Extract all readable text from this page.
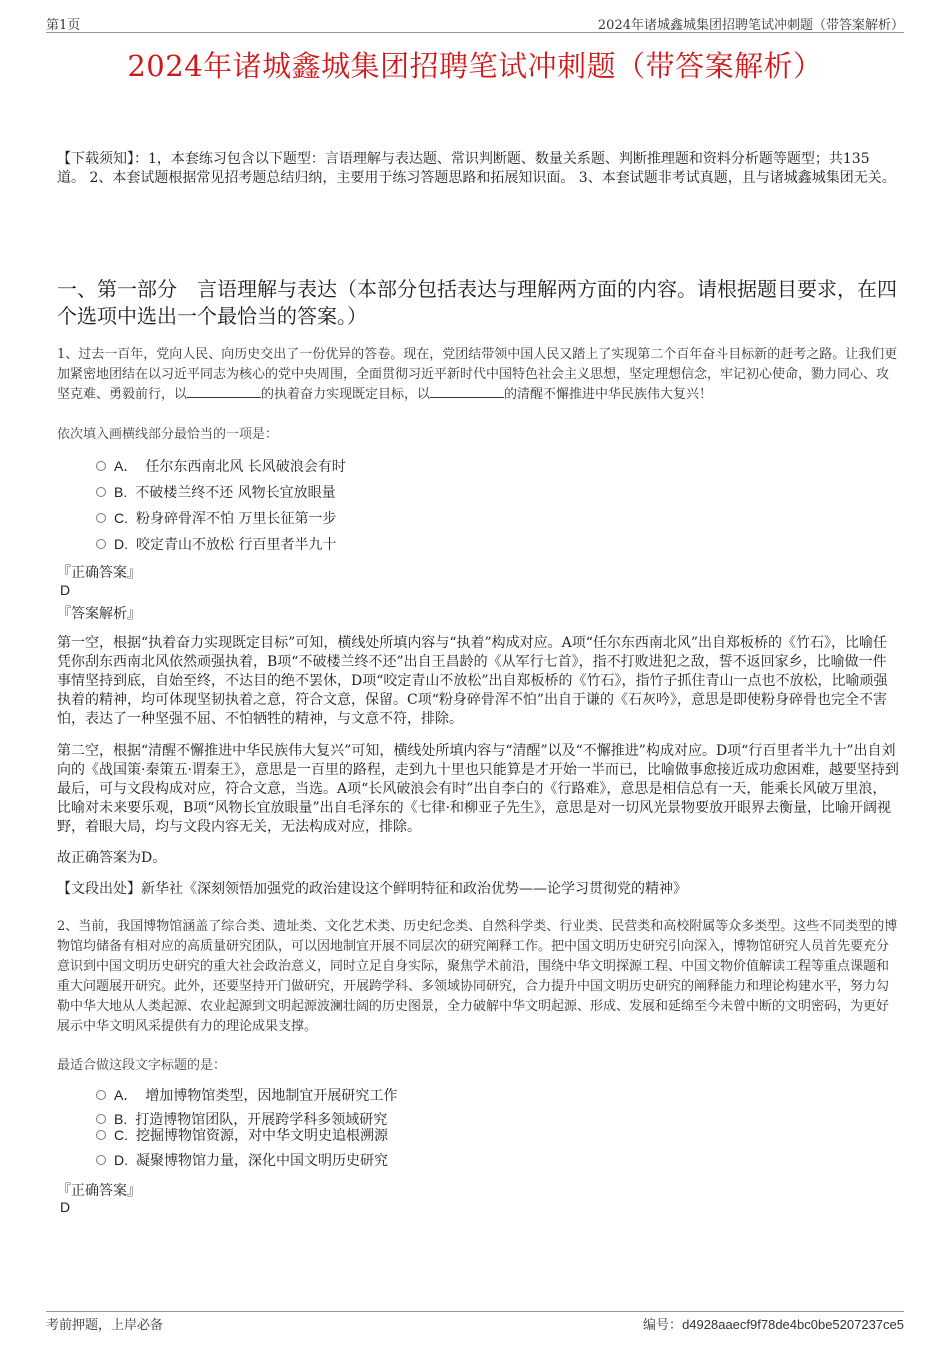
第1页	2024年诸城鑫城集团招聘笔试冲刺题（带答案解析）
2024年诸城鑫城集团招聘笔试冲刺题（带答案解析）
【下载须知】：1，本套练习包含以下题型：言语理解与表达题、常识判断题、数量关系题、判断推理题和资料分析题等题型；共135道。 2、本套试题根据常见招考题总结归纳，主要用于练习答题思路和拓展知识面。 3、本套试题非考试真题，且与诸城鑫城集团无关。
一、第一部分　言语理解与表达（本部分包括表达与理解两方面的内容。请根据题目要求，在四个选项中选出一个最恰当的答案。）
1、过去一百年，党向人民、向历史交出了一份优异的答卷。现在，党团结带领中国人民又踏上了实现第二个百年奋斗目标新的赶考之路。让我们更加紧密地团结在以习近平同志为核心的党中央周围，全面贯彻习近平新时代中国特色社会主义思想，坚定理想信念，牢记初心使命，勠力同心、攻坚克难、勇毅前行，以	的执着奋力实现既定目标，以	的清醒不懈推进中华民族伟大复兴！
依次填入画横线部分最恰当的一项是：
A． 任尔东西南北风 长风破浪会有时
B. 不破楼兰终不还 风物长宜放眼量
C. 粉身碎骨浑不怕 万里长征第一步
D. 咬定青山不放松 行百里者半九十
『正确答案』
D
『答案解析』
第一空，根据“执着奋力实现既定目标”可知，横线处所填内容与“执着”构成对应。A项“任尔东西南北风”出自郑板桥的《竹石》，比喻任凭你刮东西南北风依然顽强执着，B项“不破楼兰终不还”出自王昌龄的《从军行七首》，指不打败进犯之敌，誓不返回家乡，比喻做一件事情坚持到底，自始至终，不达目的绝不罢休，D项“咬定青山不放松”出自郑板桥的《竹石》，指竹子抓住青山一点也不放松，比喻顽强执着的精神，均可体现坚韧执着之意，符合文意，保留。C项“粉身碎骨浑不怕”出自于谦的《石灰吟》，意思是即使粉身碎骨也完全不害怕，表达了一种坚强不屈、不怕牺牲的精神，与文意不符，排除。
第二空，根据“清醒不懈推进中华民族伟大复兴”可知，横线处所填内容与“清醒”以及“不懈推进”构成对应。D项“行百里者半九十”出自刘向的《战国策·秦策五·谓秦王》，意思是一百里的路程，走到九十里也只能算是才开始一半而已，比喻做事愈接近成功愈困难，越要坚持到最后，可与文段构成对应，符合文意，当选。A项“长风破浪会有时”出自李白的《行路难》，意思是相信总有一天，能乘长风破万里浪，比喻对未来要乐观，B项“风物长宜放眼量”出自毛泽东的《七律·和柳亚子先生》，意思是对一切风光景物要放开眼界去衡量，比喻开阔视野，着眼大局，均与文段内容无关，无法构成对应，排除。
故正确答案为D。
【文段出处】新华社《深刻领悟加强党的政治建设这个鲜明特征和政治优势——论学习贯彻党的精神》
2、当前，我国博物馆涵盖了综合类、遗址类、文化艺术类、历史纪念类、自然科学类、行业类、民营类和高校附属等众多类型。这些不同类型的博物馆均储备有相对应的高质量研究团队，可以因地制宜开展不同层次的研究阐释工作。把中国文明历史研究引向深入，博物馆研究人员首先要充分意识到中国文明历史研究的重大社会政治意义，同时立足自身实际，聚焦学术前沿，围绕中华文明探源工程、中国文物价值解读工程等重点课题和重大问题展开研究。此外，还要坚持开门做研究，开展跨学科、多领域协同研究，合力提升中国文明历史研究的阐释能力和理论构建水平，努力勾勒中华大地从人类起源、农业起源到文明起源波澜壮阔的历史图景，全力破解中华文明起源、形成、发展和延绵至今未曾中断的文明密码，为更好展示中华文明风采提供有力的理论成果支撑。
最适合做这段文字标题的是：
A． 增加博物馆类型，因地制宜开展研究工作
B. 打造博物馆团队，开展跨学科多领域研究
C. 挖掘博物馆资源，对中华文明史追根溯源
D. 凝聚博物馆力量，深化中国文明历史研究
『正确答案』
D
考前押题，上岸必备	编号：d4928aaecf9f78de4bc0be5207237ce5
